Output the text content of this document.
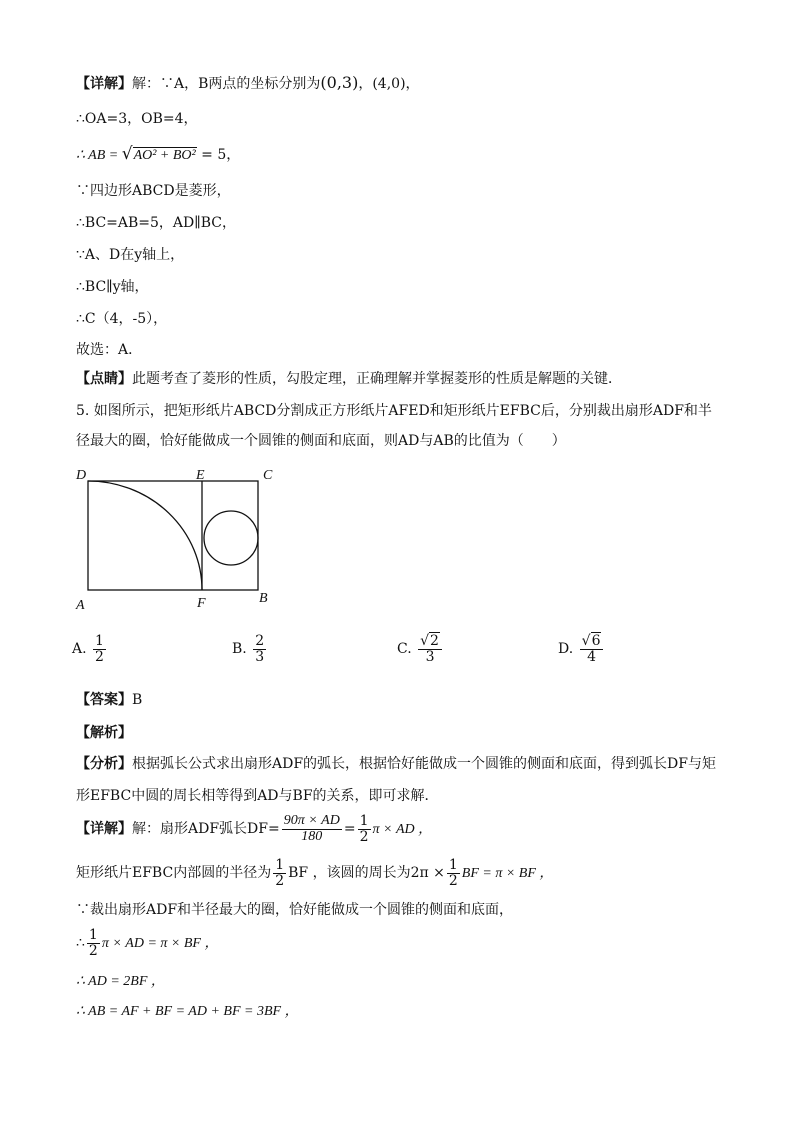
【详解】解：∵A，B两点的坐标分别为(0,3)，(4,0)，
∴OA=3，OB=4，
∴ AB = √AO² + BO² = 5，
∵四边形ABCD是菱形，
∴BC=AB=5，AD∥BC，
∵A、D在y轴上，
∴BC∥y轴，
∴C（4，-5），
故选：A．
【点睛】此题考查了菱形的性质，勾股定理，正确理解并掌握菱形的性质是解题的关键．
5. 如图所示，把矩形纸片ABCD分割成正方形纸片AFED和矩形纸片EFBC后，分别裁出扇形ADF和半
径最大的圈，恰好能做成一个圆锥的侧面和底面，则AD与AB的比值为（　　）
D	E	C
A	F	B
A. $\frac{1}{2}$	B. $\frac{2}{3}$	C. $\frac{√2}{3}$	D. $\frac{√6}{4}$
【答案】B
【解析】
【分析】根据弧长公式求出扇形ADF的弧长，根据恰好能做成一个圆锥的侧面和底面，得到弧长DF与矩
形EFBC中圆的周长相等得到AD与BF的关系，即可求解．
【详解】解：扇形ADF弧长$DF= \frac{90\pi \times AD}{180} = \frac{1}{2}$ π × AD ，
矩形纸片EFBC内部圆的半径为 $\frac{1}{2}$ BF ，该圆的周长为$2\pi \times \frac{1}{2}$ BF = π × BF ，
∵裁出扇形ADF和半径最大的圈，恰好能做成一个圆锥的侧面和底面，
∴ $\frac{1}{2}$ π × AD = π × BF ，
∴ AD = 2BF ，
∴ AB = AF + BF = AD + BF = 3BF ，
